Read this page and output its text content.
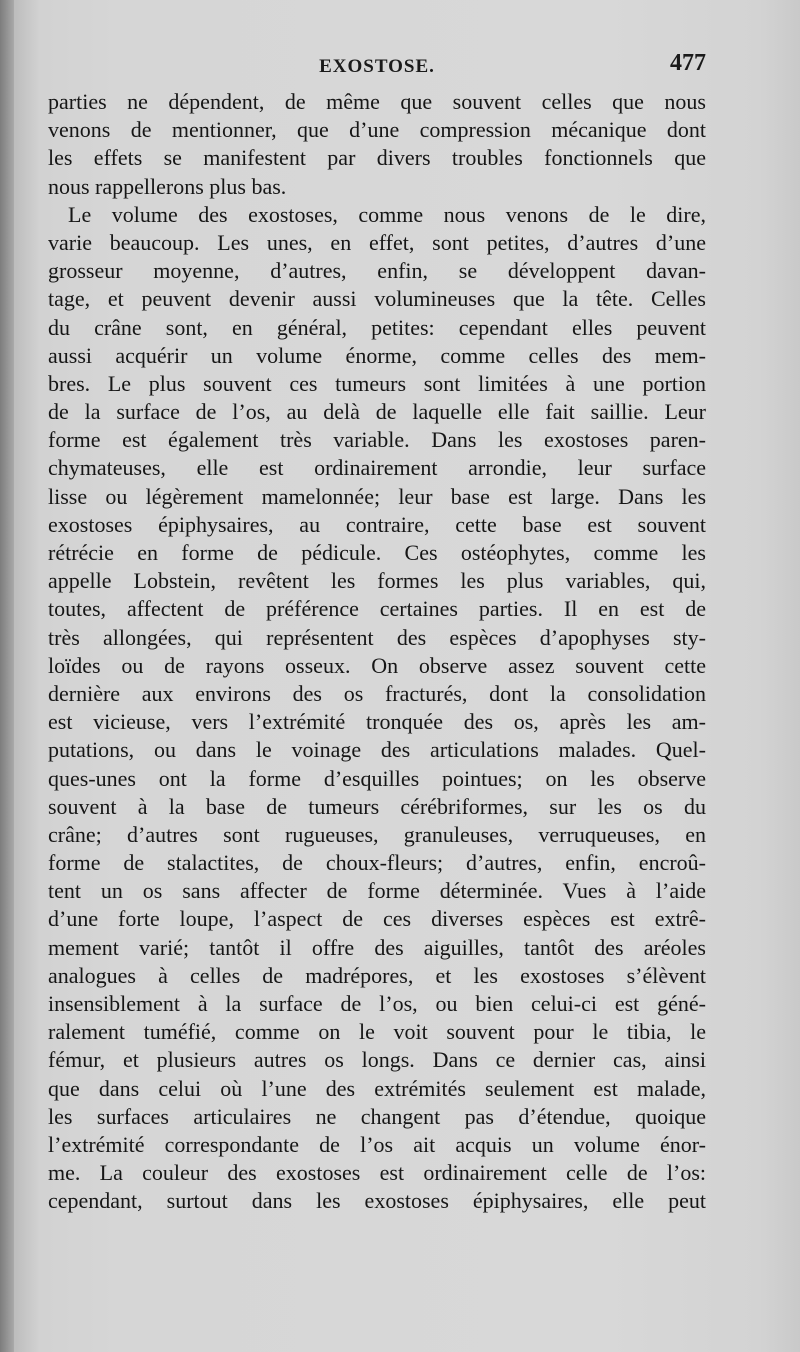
EXOSTOSE.	477
parties ne dépendent, de même que souvent celles que nous
venons de mentionner, que d’une compression mécanique dont
les effets se manifestent par divers troubles fonctionnels que
nous rappellerons plus bas.
Le volume des exostoses, comme nous venons de le dire,
varie beaucoup. Les unes, en effet, sont petites, d’autres d’une
grosseur moyenne, d’autres, enfin, se développent davan-
tage, et peuvent devenir aussi volumineuses que la tête. Celles
du crâne sont, en général, petites: cependant elles peuvent
aussi acquérir un volume énorme, comme celles des mem-
bres. Le plus souvent ces tumeurs sont limitées à une portion
de la surface de l’os, au delà de laquelle elle fait saillie. Leur
forme est également très variable. Dans les exostoses paren-
chymateuses, elle est ordinairement arrondie, leur surface
lisse ou légèrement mamelonnée; leur base est large. Dans les
exostoses épiphysaires, au contraire, cette base est souvent
rétrécie en forme de pédicule. Ces ostéophytes, comme les
appelle Lobstein, revêtent les formes les plus variables, qui,
toutes, affectent de préférence certaines parties. Il en est de
très allongées, qui représentent des espèces d’apophyses sty-
loïdes ou de rayons osseux. On observe assez souvent cette
dernière aux environs des os fracturés, dont la consolidation
est vicieuse, vers l’extrémité tronquée des os, après les am-
putations, ou dans le voinage des articulations malades. Quel-
ques-unes ont la forme d’esquilles pointues; on les observe
souvent à la base de tumeurs cérébriformes, sur les os du
crâne; d’autres sont rugueuses, granuleuses, verruqueuses, en
forme de stalactites, de choux-fleurs; d’autres, enfin, encroû-
tent un os sans affecter de forme déterminée. Vues à l’aide
d’une forte loupe, l’aspect de ces diverses espèces est extrê-
mement varié; tantôt il offre des aiguilles, tantôt des aréoles
analogues à celles de madrépores, et les exostoses s’élèvent
insensiblement à la surface de l’os, ou bien celui-ci est géné-
ralement tuméfié, comme on le voit souvent pour le tibia, le
fémur, et plusieurs autres os longs. Dans ce dernier cas, ainsi
que dans celui où l’une des extrémités seulement est malade,
les surfaces articulaires ne changent pas d’étendue, quoique
l’extrémité correspondante de l’os ait acquis un volume énor-
me. La couleur des exostoses est ordinairement celle de l’os:
cependant, surtout dans les exostoses épiphysaires, elle peut
